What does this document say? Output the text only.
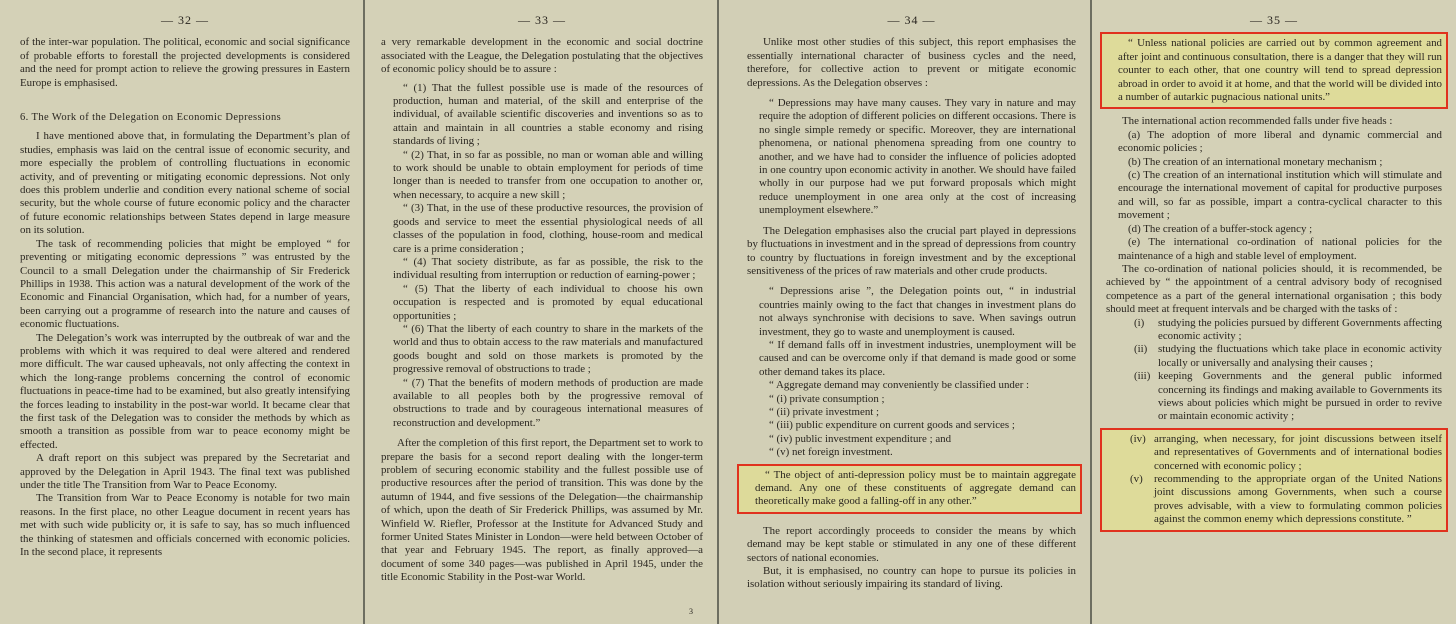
— 32 —

of the inter-war population. The political, economic and social significance of probable efforts to forestall the projected developments is considered and the need for prompt action to relieve the growing pressures in Eastern Europe is emphasised.

6. The Work of the Delegation on Economic Depressions

I have mentioned above that, in formulating the Department’s plan of studies, emphasis was laid on the central issue of economic security, and more especially the problem of controlling fluctuations in economic activity, and of preventing or mitigating economic depressions. Not only does this problem underlie and condition every national scheme of social security, but the whole course of future economic policy and the character of future economic relationships between States depend in large measure on its solution.

The task of recommending policies that might be employed “ for preventing or mitigating economic depressions ” was entrusted by the Council to a small Delegation under the chairmanship of Sir Frederick Phillips in 1938. This action was a natural development of the work of the Economic and Financial Organisation, which had, for a number of years, been carrying out a programme of research into the nature and causes of economic fluctuations.

The Delegation’s work was interrupted by the outbreak of war and the problems with which it was required to deal were altered and rendered more difficult. The war caused upheavals, not only affecting the context in which the long-range problems concerning the control of economic fluctuations in peace-time had to be examined, but also greatly intensifying the forces leading to instability in the post-war world. It became clear that the first task of the Delegation was to consider the methods by which as smooth a transition as possible from war to peace economy might be effected.

A draft report on this subject was prepared by the Secretariat and approved by the Delegation in April 1943. The final text was published under the title The Transition from War to Peace Economy.

The Transition from War to Peace Economy is notable for two main reasons. In the first place, no other League document in recent years has met with such wide publicity or, it is safe to say, has so much influenced the thinking of statesmen and officials concerned with economic policies. In the second place, it represents

— 33 —

a very remarkable development in the economic and social doctrine associated with the League, the Delegation postulating that the objectives of economic policy should be to assure :

“ (1) That the fullest possible use is made of the resources of production, human and material, of the skill and enterprise of the individual, of available scientific discoveries and inventions so as to attain and maintain in all countries a stable economy and rising standards of living ;

“ (2) That, in so far as possible, no man or woman able and willing to work should be unable to obtain employment for periods of time longer than is needed to transfer from one occupation to another or, when necessary, to acquire a new skill ;

“ (3) That, in the use of these productive resources, the provision of goods and service to meet the essential physiological needs of all classes of the population in food, clothing, house-room and medical care is a prime consideration ;

“ (4) That society distribute, as far as possible, the risk to the individual resulting from interruption or reduction of earning-power ;

“ (5) That the liberty of each individual to choose his own occupation is respected and is promoted by equal educational opportunities ;

“ (6) That the liberty of each country to share in the markets of the world and thus to obtain access to the raw materials and manufactured goods bought and sold on those markets is promoted by the progressive removal of obstructions to trade ;

“ (7) That the benefits of modern methods of production are made available to all peoples both by the progressive removal of obstructions to trade and by courageous international measures of reconstruction and development.”

After the completion of this first report, the Department set to work to prepare the basis for a second report dealing with the longer-term problem of securing economic stability and the fullest possible use of productive resources after the period of transition. This was done by the autumn of 1944, and five sessions of the Delegation—the chairmanship of which, upon the death of Sir Frederick Phillips, was assumed by Mr. Winfield W. Riefler, Professor at the Institute for Advanced Study and former United States Minister in London—were held between October of that year and February 1945. The report, as finally approved—a document of some 340 pages—was published in April 1945, under the title Economic Stability in the Post-war World.

3
— 34 —

Unlike most other studies of this subject, this report emphasises the essentially international character of business cycles and the need, therefore, for collective action to prevent or mitigate economic depressions. As the Delegation observes :

“ Depressions may have many causes. They vary in nature and may require the adoption of different policies on different occasions. There is no single simple remedy or specific. Moreover, they are international phenomena, or national phenomena spreading from one country to another, and we have had to consider the influence of policies adopted in one country upon economic activity in another. We should have failed wholly in our purpose had we put forward proposals which might reduce unemployment in one area only at the cost of increasing unemployment elsewhere.”

The Delegation emphasises also the crucial part played in depressions by fluctuations in investment and in the spread of depressions from country to country by fluctuations in foreign investment and by the exceptional sensitiveness of the prices of raw materials and other crude products.

“ Depressions arise ”, the Delegation points out, “ in industrial countries mainly owing to the fact that changes in investment plans do not always synchronise with decisions to save. When savings outrun investment, they go to waste and unemployment is caused.

“ If demand falls off in investment industries, unemployment will be caused and can be overcome only if that demand is made good or some other demand takes its place.

“ Aggregate demand may conveniently be classified under :

“ (i) private consumption ;

“ (ii) private investment ;

“ (iii) public expenditure on current goods and services ;

“ (iv) public investment expenditure ; and

“ (v) net foreign investment.

“ The object of anti-depression policy must be to maintain aggregate demand. Any one of these constituents of aggregate demand can theoretically make good a falling-off in any other.”

The report accordingly proceeds to consider the means by which demand may be kept stable or stimulated in any one of these different sectors of national economies.

But, it is emphasised, no country can hope to pursue its policies in isolation without seriously impairing its standard of living.

— 35 —

“ Unless national policies are carried out by common agreement and after joint and continuous consultation, there is a danger that they will run counter to each other, that one country will tend to spread depression abroad in order to avoid it at home, and that the world will be divided into a number of autarkic pugnacious national units.”

The international action recommended falls under five heads :

(a) The adoption of more liberal and dynamic commercial and economic policies ;

(b) The creation of an international monetary mechanism ;

(c) The creation of an international institution which will stimulate and encourage the international movement of capital for productive purposes and will, so far as possible, impart a contra-cyclical character to this movement ;

(d) The creation of a buffer-stock agency ;

(e) The international co-ordination of national policies for the maintenance of a high and stable level of employment.

The co-ordination of national policies should, it is recommended, be achieved by “ the appointment of a central advisory body of recognised competence as a part of the general international organisation ; this body should meet at frequent intervals and be charged with the tasks of :

(i)	studying the policies pursued by different Governments affecting economic activity ;
(ii) studying the fluctuations which take place in economic activity locally or universally and analysing their causes ;
(iii) keeping Governments and the general public informed concerning its findings and making available to Governments its views about policies which might be pursued in order to revive or maintain economic activity ;
(iv) arranging, when necessary, for joint discussions between itself and representatives of Governments and of international bodies concerned with economic policy ;
(v)	recommending to the appropriate organ of the United Nations joint discussions among Governments, when such a course proves advisable, with a view to formulating common policies against the common enemy which depressions constitute. ”
